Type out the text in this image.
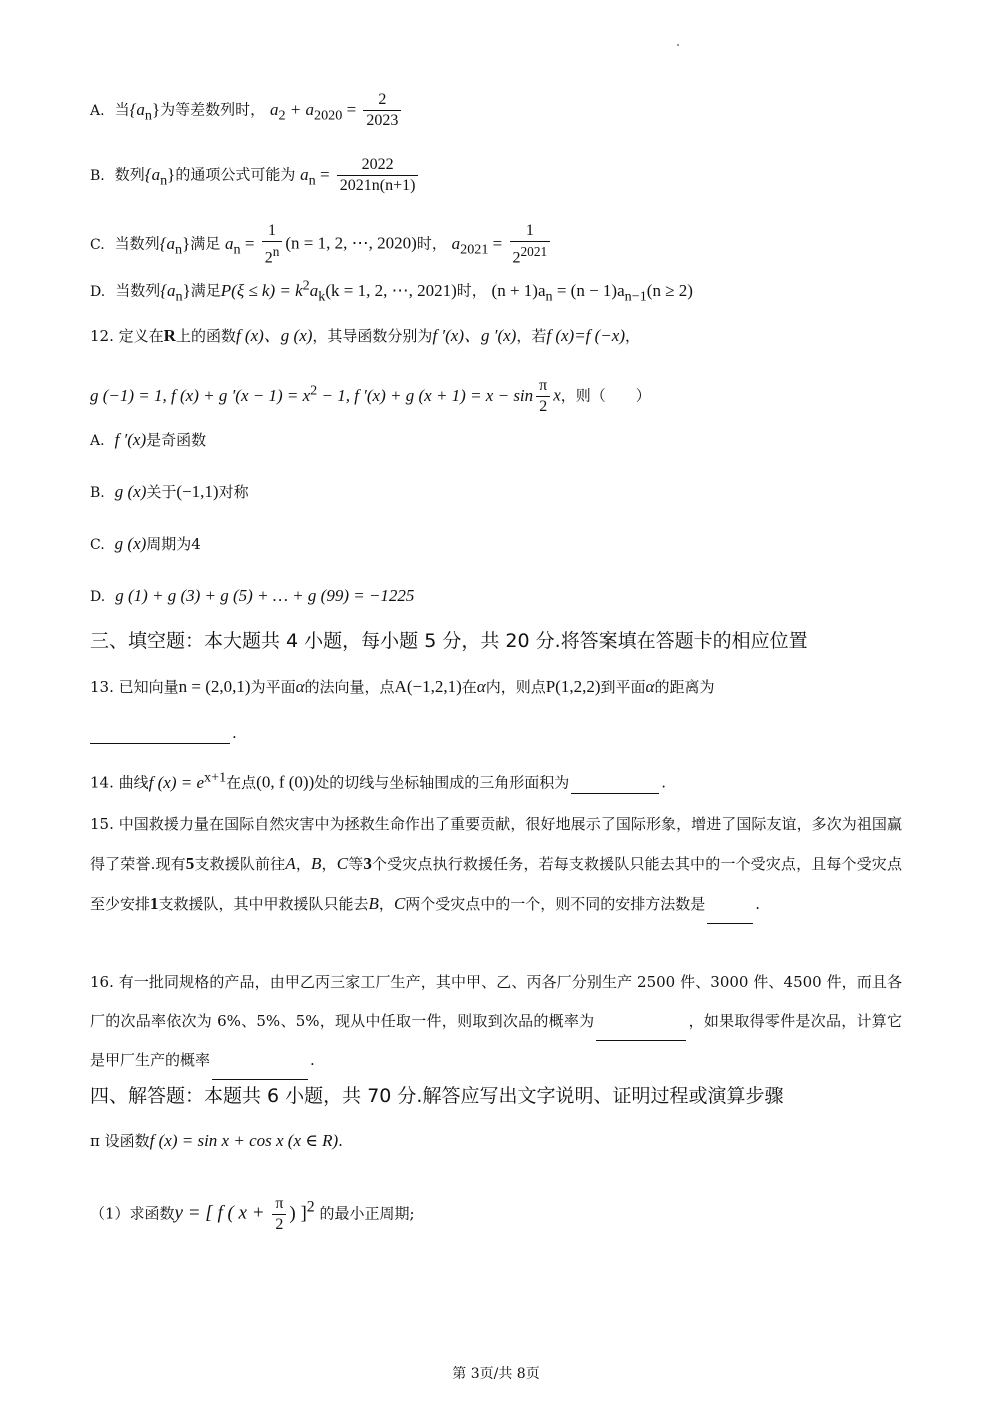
A. 当$\{a_n\}$为等差数列时， $a_2 + a_{2020} = \frac{2}{2023}$
B. 数列$\{a_n\}$的通项公式可能为 $a_n = \frac{2022}{2021n(n+1)}$
C. 当数列$\{a_n\}$满足 $a_n = \frac{1}{2^n} (n = 1$, 2, ⋯, 2020)时， $a_{2021} = \frac{1}{2^{2021}}$
D. 当数列$\{a_n\}$满足$P(\xi \le k) = k^2a_k(k = 1$, 2, ⋯, 2021)时， $(n + 1)a_n = (n - 1)a_{n-1}(n \ge 2)$
12. 定义在R上的函数f (x)、g (x)，其导函数分别为f ′(x)、g ′(x)，若f (x)=f (−x)，
g (−1) = 1, f (x) + g $'(x - 1) = x^2 - 1$, f ′(x) + g $(x + 1) = x - \sin \frac{\pi}{2}$ x，则（　　）
A. f ′(x)是奇函数
B. g (x)关于(−1,1)对称
C. g (x)周期为4
D. g (1) + g (3) + g (5) + … + g (99) = −1225
三、填空题：本大题共 4 小题，每小题 5 分，共 20 分.将答案填在答题卡的相应位置
13. 已知向量n = (2,0,1)为平面α的法向量，点A(−1,2,1)在α内，则点P(1,2,2)到平面α的距离为
.
14. 曲线f $(x) = e^{x+1}$在点(0, f (0))处的切线与坐标轴围成的三角形面积为	.
15. 中国救援力量在国际自然灾害中为拯救生命作出了重要贡献，很好地展示了国际形象，增进了国际友谊，多次为祖国赢得了荣誉.现有5支救援队前往A，B，C等3个受灾点执行救援任务，若每支救援队只能去其中的一个受灾点，且每个受灾点至少安排1支救援队，其中甲救援队只能去B，C两个受灾点中的一个，则不同的安排方法数是	.
16. 有一批同规格的产品，由甲乙丙三家工厂生产，其中甲、乙、丙各厂分别生产 2500 件、3000 件、4500 件，而且各厂的次品率依次为 6%、5%、5%，现从中任取一件，则取到次品的概率为	，如果取得零件是次品，计算它是甲厂生产的概率	.
四、解答题：本题共 6 小题，共 70 分.解答应写出文字说明、证明过程或演算步骤
π 设函数f (x) = sin x + cos x (x ∈ R).
（1）求函数y = [ f ( $x + \frac{\pi}{2}$ ) ]$^2$ 的最小正周期;
第 3页/共 8页
